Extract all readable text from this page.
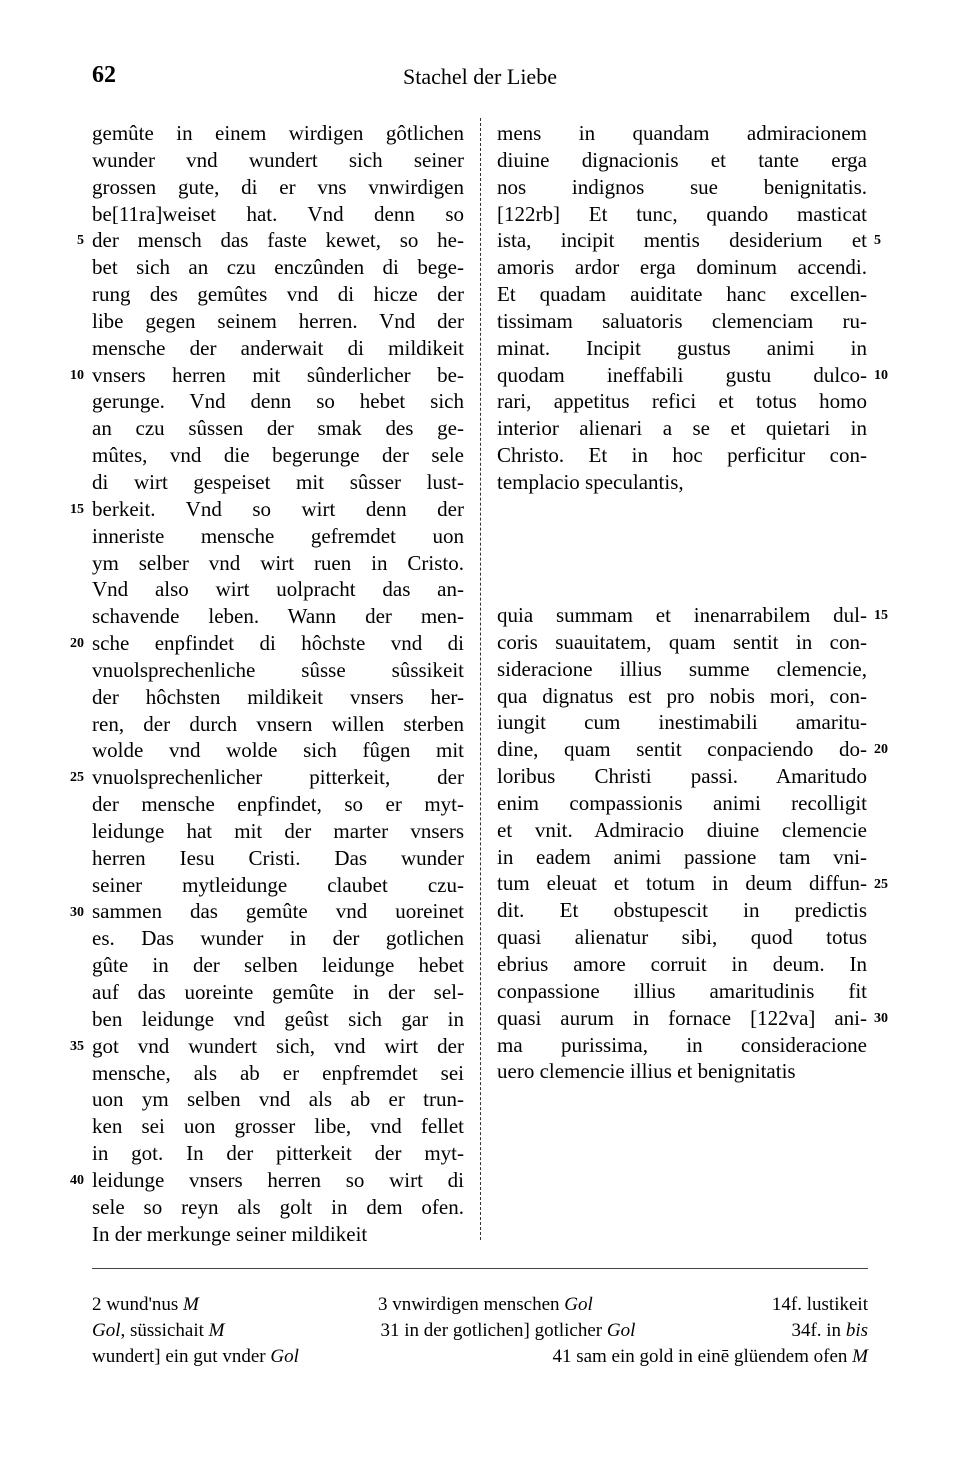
62	Stachel der Liebe
gemûte in einem wirdigen gôtlichen
wunder vnd wundert sich seiner
grossen gute, di er vns vnwirdigen
be[11ra]weiset hat. Vnd denn so
der mensch das faste kewet, so he-
bet sich an czu enczûnden di bege-
rung des gemûtes vnd di hicze der
libe gegen seinem herren. Vnd der
mensche der anderwait di mildikeit
vnsers herren mit sûnderlicher be-
gerunge. Vnd denn so hebet sich
an czu sûssen der smak des ge-
mûtes, vnd die begerunge der sele
di wirt gespeiset mit sûsser lust-
berkeit. Vnd so wirt denn der
inneriste mensche gefremdet uon
ym selber vnd wirt ruen in Cristo.
Vnd also wirt uolpracht das an-
schavende leben. Wann der men-
sche enpfindet di hôchste vnd di
vnuolsprechenliche sûsse sûssikeit
der hôchsten mildikeit vnsers her-
ren, der durch vnsern willen sterben
wolde vnd wolde sich fûgen mit
vnuolsprechenlicher pitterkeit, der
der mensche enpfindet, so er myt-
leidunge hat mit der marter vnsers
herren Iesu Cristi. Das wunder
seiner mytleidunge claubet czu-
sammen das gemûte vnd uoreinet
es. Das wunder in der gotlichen
gûte in der selben leidunge hebet
auf das uoreinte gemûte in der sel-
ben leidunge vnd geûst sich gar in
got vnd wundert sich, vnd wirt der
mensche, als ab er enpfremdet sei
uon ym selben vnd als ab er trun-
ken sei uon grosser libe, vnd fellet
in got. In der pitterkeit der myt-
leidunge vnsers herren so wirt di
sele so reyn als golt in dem ofen.
In der merkunge seiner mildikeit
mens in quandam admiracionem
diuine dignacionis et tante erga
nos indignos sue benignitatis.
[122rb] Et tunc, quando masticat
ista, incipit mentis desiderium et
amoris ardor erga dominum accendi.
Et quadam auiditate hanc excellen-
tissimam saluatoris clemenciam ru-
minat. Incipit gustus animi in
quodam ineffabili gustu dulco-
rari, appetitus refici et totus homo
interior alienari a se et quietari in
Christo. Et in hoc perficitur con-
templacio speculantis,
quia summam et inenarrabilem dul-
coris suauitatem, quam sentit in con-
sideracione illius summe clemencie,
qua dignatus est pro nobis mori, con-
iungit cum inestimabili amaritu-
dine, quam sentit conpaciendo do-
loribus Christi passi. Amaritudo
enim compassionis animi recolligit
et vnit. Admiracio diuine clemencie
in eadem animi passione tam vni-
tum eleuat et totum in deum diffun-
dit. Et obstupescit in predictis
quasi alienatur sibi, quod totus
ebrius amore corruit in deum. In
conpassione illius amaritudinis fit
quasi aurum in fornace [122va] ani-
ma purissima, in consideracione
uero clemencie illius et benignitatis
5
10
15
20
25
30
35
40
5
10
15
20
25
30
2 wund'nus M	3 vnwirdigen menschen Gol	14f. lustikeit
Gol, süssichait M	31 in der gotlichen] gotlicher Gol	34f. in bis
wundert] ein gut vnder Gol	41 sam ein gold in einē glüendem ofen M
